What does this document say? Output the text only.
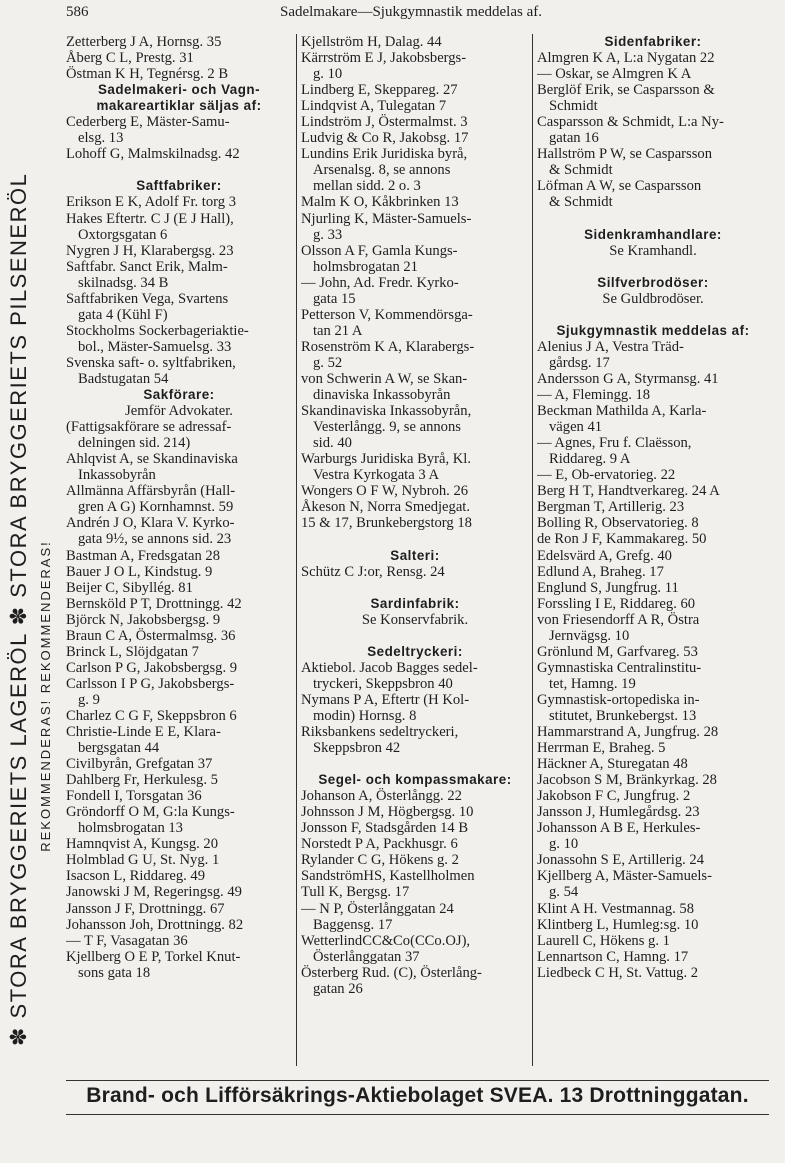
586	Sadelmakare—Sjukgymnastik meddelas af.
✽ STORA BRYGGERIETS LAGERÖL ✽ STORA BRYGGERIETS PILSENERÖL REKOMMENDERAS! REKOMMENDERAS!
Zetterberg J A, Hornsg. 35
Åberg C L, Prestg. 31
Östman K H, Tegnérsg. 2 B
Sadelmakeri- och Vagn-
makareartiklar säljas af:
Cederberg E, Mäster-Samu-
elsg. 13
Lohoff G, Malmskilnadsg. 42
Saftfabriker:
Erikson E K, Adolf Fr. torg 3
Hakes Eftertr. C J (E J Hall),
Oxtorgsgatan 6
Nygren J H, Klarabergsg. 23
Saftfabr. Sanct Erik, Malm-
skilnadsg. 34 B
Saftfabriken Vega, Svartens
gata 4 (Kühl F)
Stockholms Sockerbageriaktie-
bol., Mäster-Samuelsg. 33
Svenska saft- o. syltfabriken,
Badstugatan 54
Sakförare:
Jemför Advokater.
(Fattigsakförare se adressaf-
delningen sid. 214)
Ahlqvist A, se Skandinaviska
Inkassobyrån
Allmänna Affärsbyrån (Hall-
gren A G) Kornhamnst. 59
Andrén J O, Klara V. Kyrko-
gata 9½, se annons sid. 23
Bastman A, Fredsgatan 28
Bauer J O L, Kindstug. 9
Beijer C, Sibyllég. 81
Bernsköld P T, Drottningg. 42
Björck N, Jakobsbergsg. 9
Braun C A, Östermalmsg. 36
Brinck L, Slöjdgatan 7
Carlson P G, Jakobsbergsg. 9
Carlsson I P G, Jakobsbergs-
g. 9
Charlez C G F, Skeppsbron 6
Christie-Linde E E, Klara-
bergsgatan 44
Civilbyrån, Grefgatan 37
Dahlberg Fr, Herkulesg. 5
Fondell I, Torsgatan 36
Gröndorff O M, G:la Kungs-
holmsbrogatan 13
Hamnqvist A, Kungsg. 20
Holmblad G U, St. Nyg. 1
Isacson L, Riddareg. 49
Janowski J M, Regeringsg. 49
Jansson J F, Drottningg. 67
Johansson Joh, Drottningg. 82
— T F, Vasagatan 36
Kjellberg O E P, Torkel Knut-
sons gata 18
Kjellström H, Dalag. 44
Kärrström E J, Jakobsbergs-
g. 10
Lindberg E, Skeppareg. 27
Lindqvist A, Tulegatan 7
Lindström J, Östermalmst. 3
Ludvig & Co R, Jakobsg. 17
Lundins Erik Juridiska byrå,
Arsenalsg. 8, se annons
mellan sidd. 2 o. 3
Malm K O, Kåkbrinken 13
Njurling K, Mäster-Samuels-
g. 33
Olsson A F, Gamla Kungs-
holmsbrogatan 21
— John, Ad. Fredr. Kyrko-
gata 15
Petterson V, Kommendörsga-
tan 21 A
Rosenström K A, Klarabergs-
g. 52
von Schwerin A W, se Skan-
dinaviska Inkassobyrån
Skandinaviska Inkassobyrån,
Vesterlångg. 9, se annons
sid. 40
Warburgs Juridiska Byrå, Kl.
Vestra Kyrkogata 3 A
Wongers O F W, Nybroh. 26
Åkeson N, Norra Smedjegat.
15 & 17, Brunkebergstorg 18
Salteri:
Schütz C J:or, Rensg. 24
Sardinfabrik:
Se Konservfabrik.
Sedeltryckeri:
Aktiebol. Jacob Bagges sedel-
tryckeri, Skeppsbron 40
Nymans P A, Eftertr (H Kol-
modin) Hornsg. 8
Riksbankens sedeltryckeri,
Skeppsbron 42
Segel- och kompassmakare:
Johanson A, Österlångg. 22
Johnsson J M, Högbergsg. 10
Jonsson F, Stadsgården 14 B
Norstedt P A, Packhusgr. 6
Rylander C G, Hökens g. 2
SandströmHS, Kastellholmen
Tull K, Bergsg. 17
— N P, Österlånggatan 24
Baggensg. 17
WetterlindCC&Co(CCo.OJ),
Österlånggatan 37
Österberg Rud. (C), Österlång-
gatan 26
Sidenfabriker:
Almgren K A, L:a Nygatan 22
— Oskar, se Almgren K A
Berglöf Erik, se Casparsson &
Schmidt
Casparsson & Schmidt, L:a Ny-
gatan 16
Hallström P W, se Casparsson
& Schmidt
Löfman A W, se Casparsson
& Schmidt
Sidenkramhandlare:
Se Kramhandl.
Silfverbrodöser:
Se Guldbrodöser.
Sjukgymnastik meddelas af:
Alenius J A, Vestra Träd-
gårdsg. 17
Andersson G A, Styrmansg. 41
— A, Flemingg. 18
Beckman Mathilda A, Karla-
vägen 41
— Agnes, Fru f. Claësson,
Riddareg. 9 A
— E, Ob-ervatorieg. 22
Berg H T, Handtverkareg. 24 A
Bergman T, Artillerig. 23
Bolling R, Observatorieg. 8
de Ron J F, Kammakareg. 50
Edelsvärd A, Grefg. 40
Edlund A, Braheg. 17
Englund S, Jungfrug. 11
Forssling I E, Riddareg. 60
von Friesendorff A R, Östra
Jernvägsg. 10
Grönlund M, Garfvareg. 53
Gymnastiska Centralinstitu-
tet, Hamng. 19
Gymnastisk-ortopediska in-
stitutet, Brunkebergst. 13
Hammarstrand A, Jungfrug. 28
Herrman E, Braheg. 5
Häckner A, Sturegatan 48
Jacobson S M, Bränkyrkag. 28
Jakobson F C, Jungfrug. 2
Jansson J, Humlegårdsg. 23
Johansson A B E, Herkules-
g. 10
Jonassohn S E, Artillerig. 24
Kjellberg A, Mäster-Samuels-
g. 54
Klint A H. Vestmannag. 58
Klintberg L, Humleg:sg. 10
Laurell C, Hökens g. 1
Lennartson C, Hamng. 17
Liedbeck C H, St. Vattug. 2
Brand- och Lifförsäkrings-Aktiebolaget SVEA. 13 Drottninggatan.
